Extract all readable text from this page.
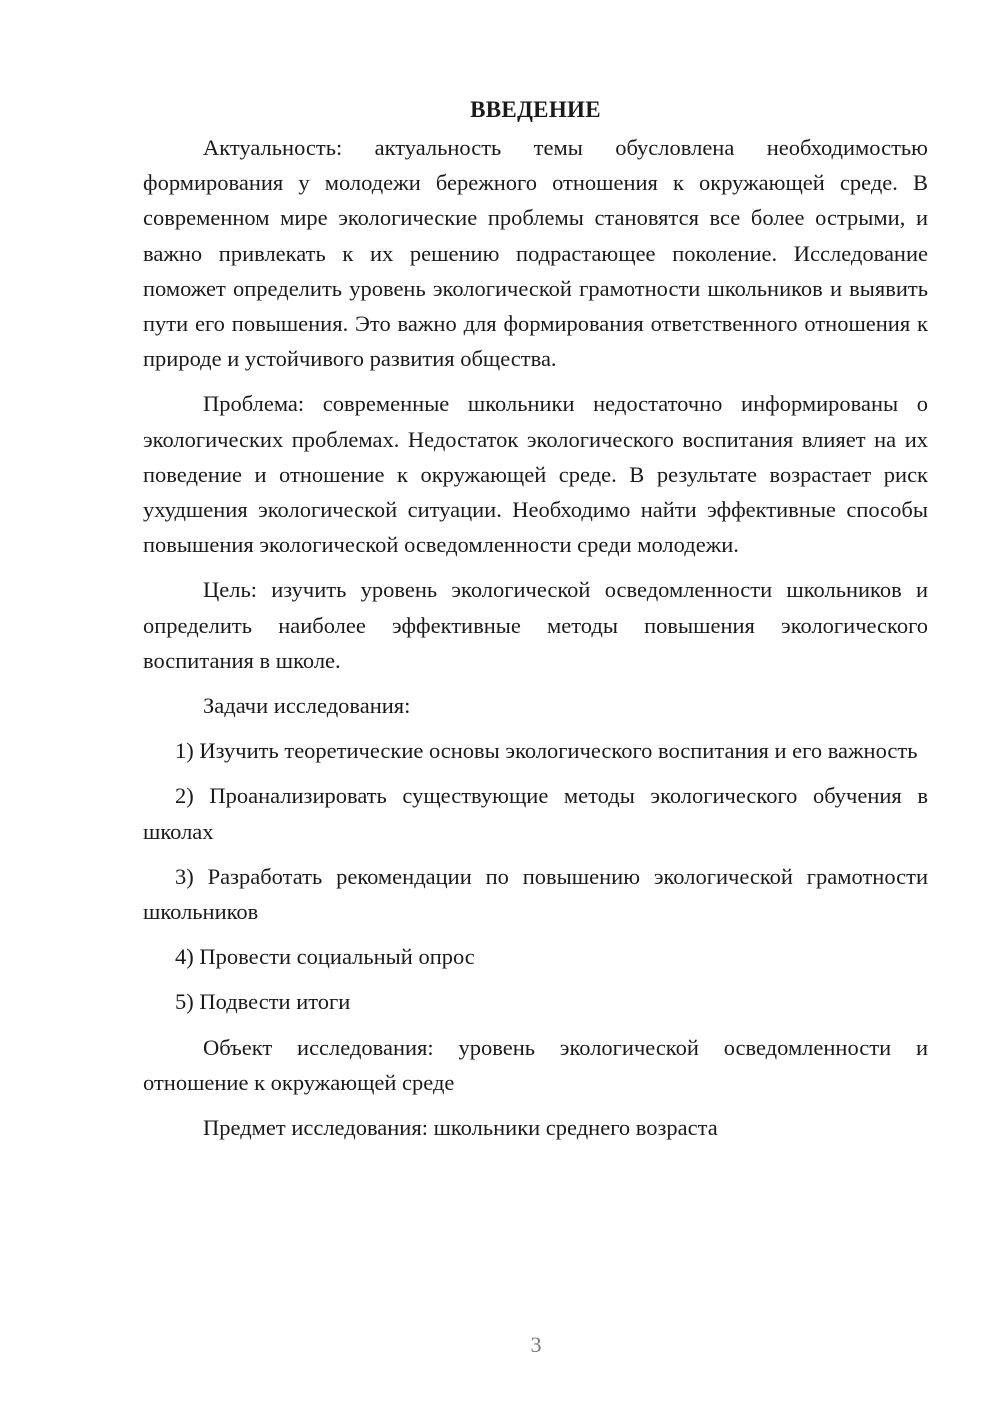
ВВЕДЕНИЕ

Актуальность: актуальность темы обусловлена необходимостью формирования у молодежи бережного отношения к окружающей среде. В современном мире экологические проблемы становятся все более острыми, и важно привлекать к их решению подрастающее поколение. Исследование поможет определить уровень экологической грамотности школьников и выявить пути его повышения. Это важно для формирования ответственного отношения к природе и устойчивого развития общества.

Проблема: современные школьники недостаточно информированы о экологических проблемах. Недостаток экологического воспитания влияет на их поведение и отношение к окружающей среде. В результате возрастает риск ухудшения экологической ситуации. Необходимо найти эффективные способы повышения экологической осведомленности среди молодежи.

Цель: изучить уровень экологической осведомленности школьников и определить наиболее эффективные методы повышения экологического воспитания в школе.

Задачи исследования:

1) Изучить теоретические основы экологического воспитания и его важность

2) Проанализировать существующие методы экологического обучения в школах

3) Разработать рекомендации по повышению экологической грамотности школьников

4) Провести социальный опрос

5) Подвести итоги

Объект исследования: уровень экологической осведомленности и отношение к окружающей среде

Предмет исследования: школьники среднего возраста

3
